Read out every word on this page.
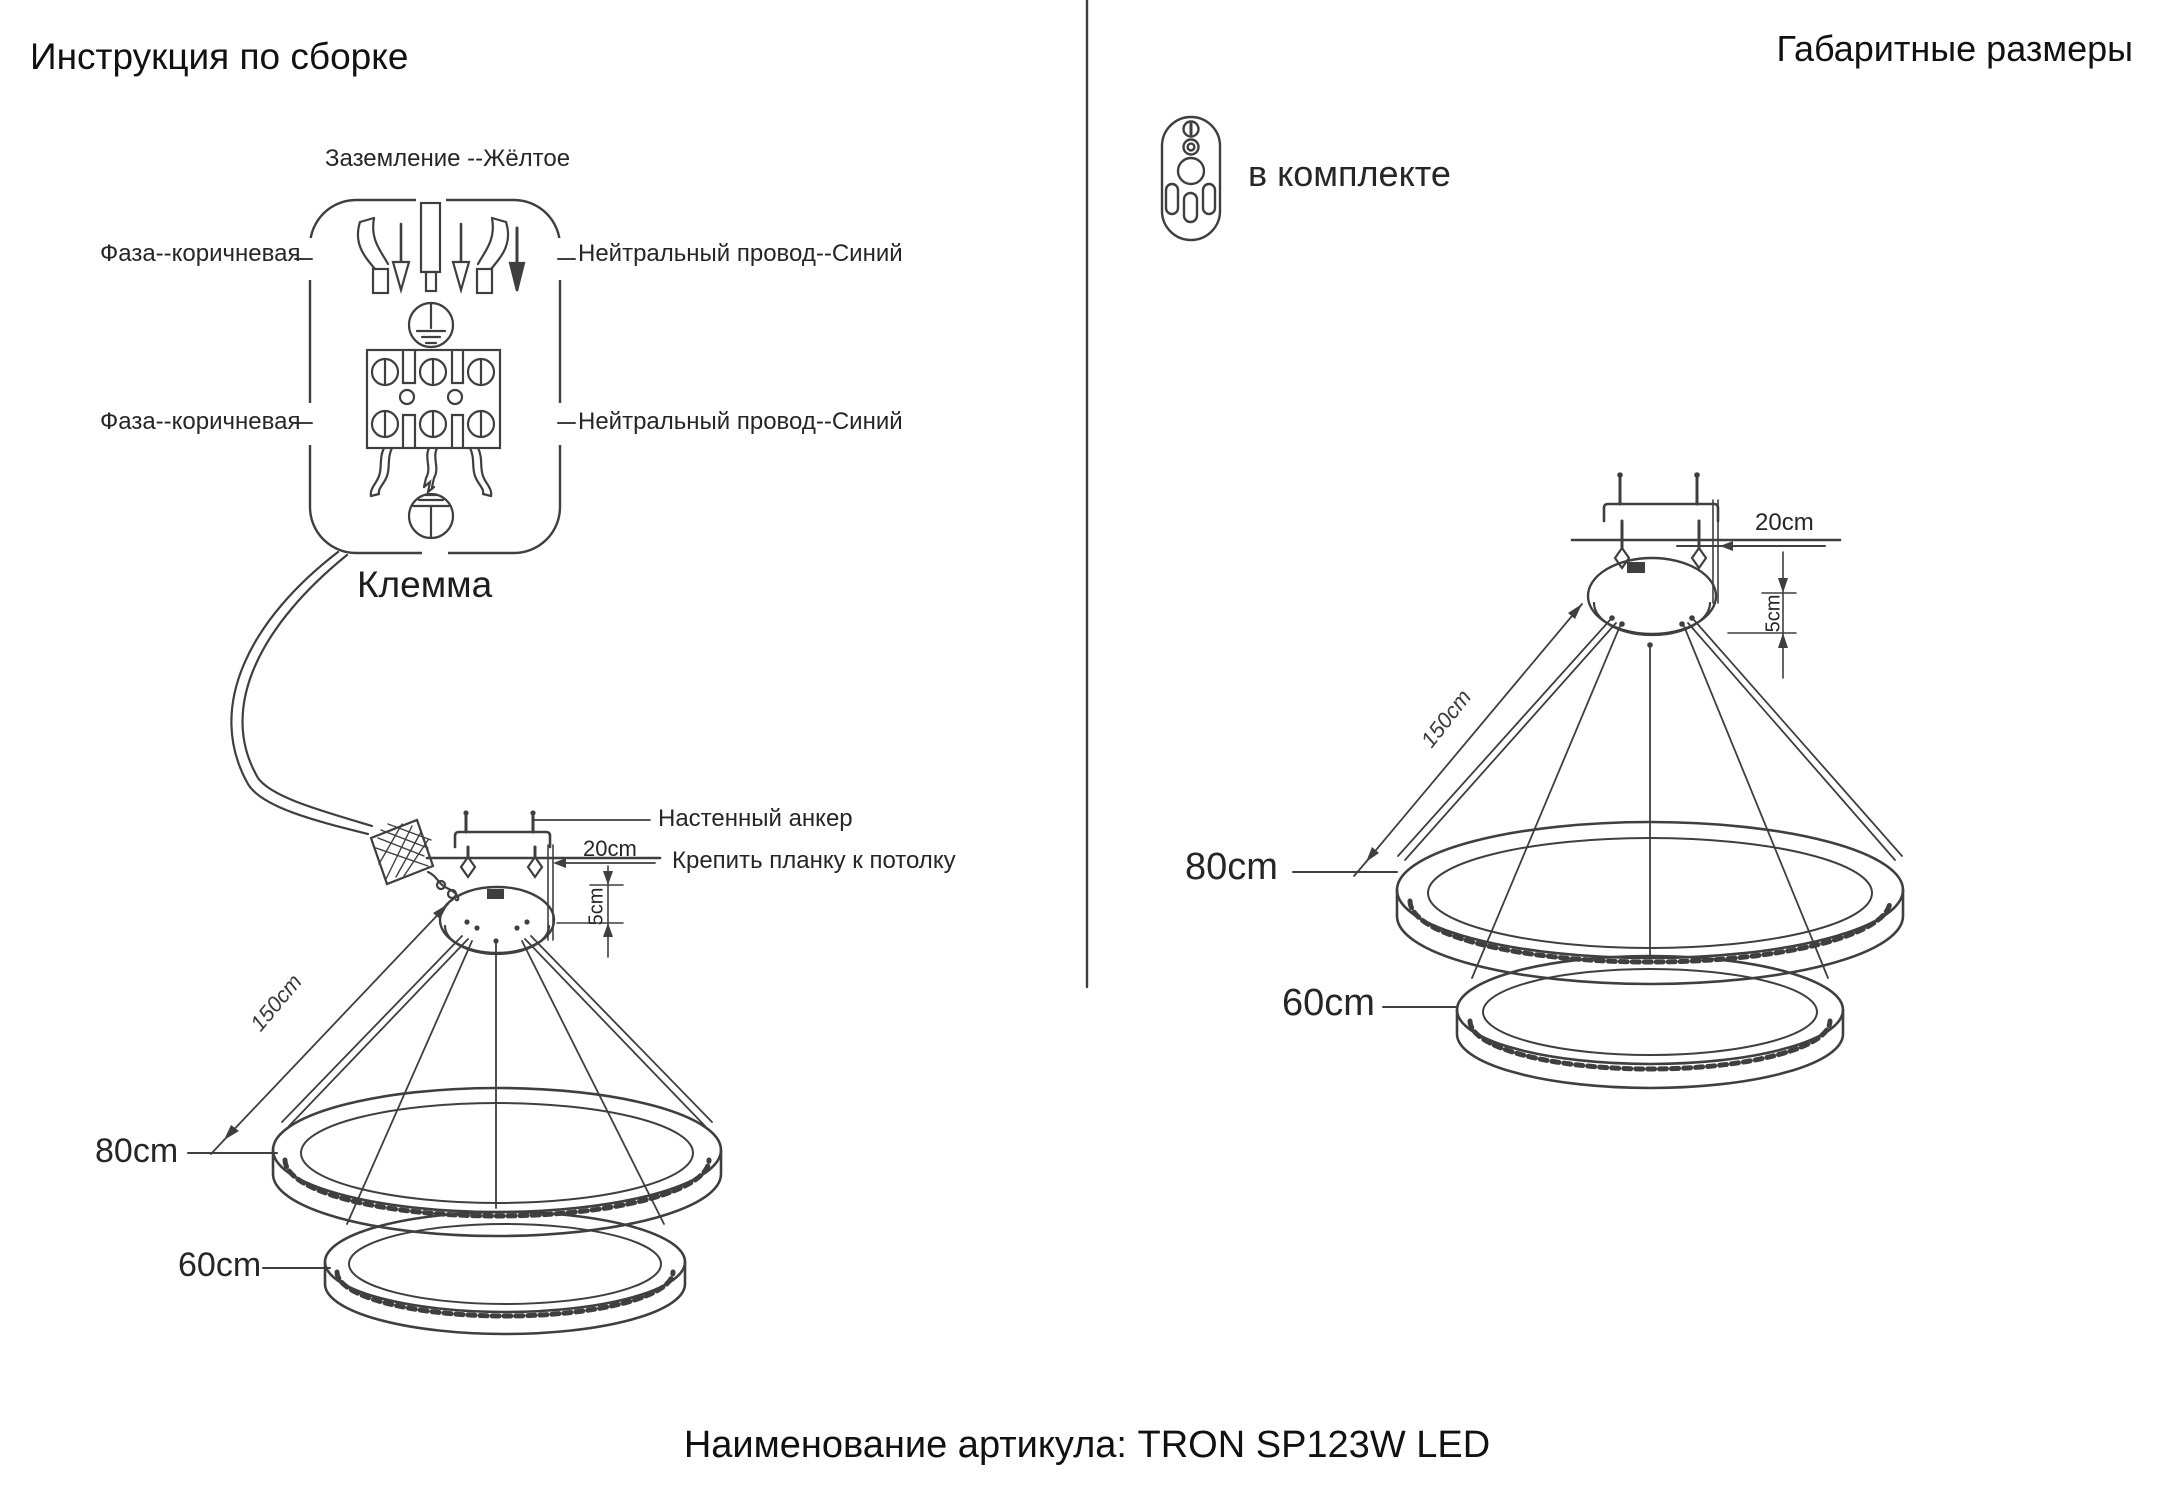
Инструкция по сборке	Габаритные размеры
Заземление --Жёлтое
Фаза--коричневая	Нейтральный провод--Синий
Фаза--коричневая	Нейтральный провод--Синий
Клемма
Настенный анкер
Крепить планку к потолку
20cm
5cm
150cm
80cm
60cm
в комплекте
20cm
5cm
150cm
80cm
60cm
Наименование артикула: TRON SP123W LED
